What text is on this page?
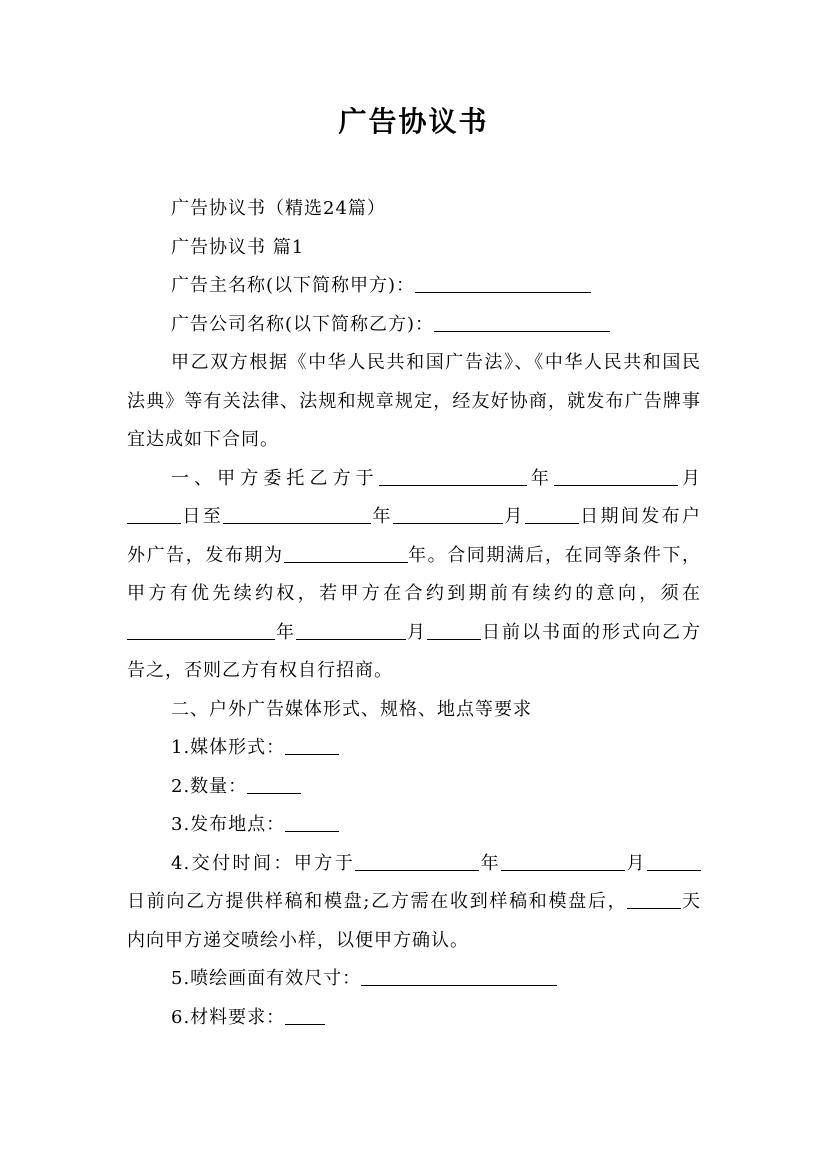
广告协议书

广告协议书（精选24篇）

广告协议书 篇1

广告主名称(以下简称甲方)：

广告公司名称(以下简称乙方)：

甲乙双方根据《中华人民共和国广告法》、《中华人民共和国民法典》等有关法律、法规和规章规定，经友好协商，就发布广告牌事宜达成如下合同。

一、甲方委托乙方于	年	月日至	年	月	日期间发布户外广告，发布期为	年。合同期满后，在同等条件下，甲方有优先续约权，若甲方在合约到期前有续约的意向，须在年	月	日前以书面的形式向乙方告之，否则乙方有权自行招商。

二、户外广告媒体形式、规格、地点等要求

1.媒体形式：

2.数量：

3.发布地点：

4.交付时间：甲方于	年	月日前向乙方提供样稿和模盘;乙方需在收到样稿和模盘后，	天内向甲方递交喷绘小样，以便甲方确认。

5.喷绘画面有效尺寸：

6.材料要求：
